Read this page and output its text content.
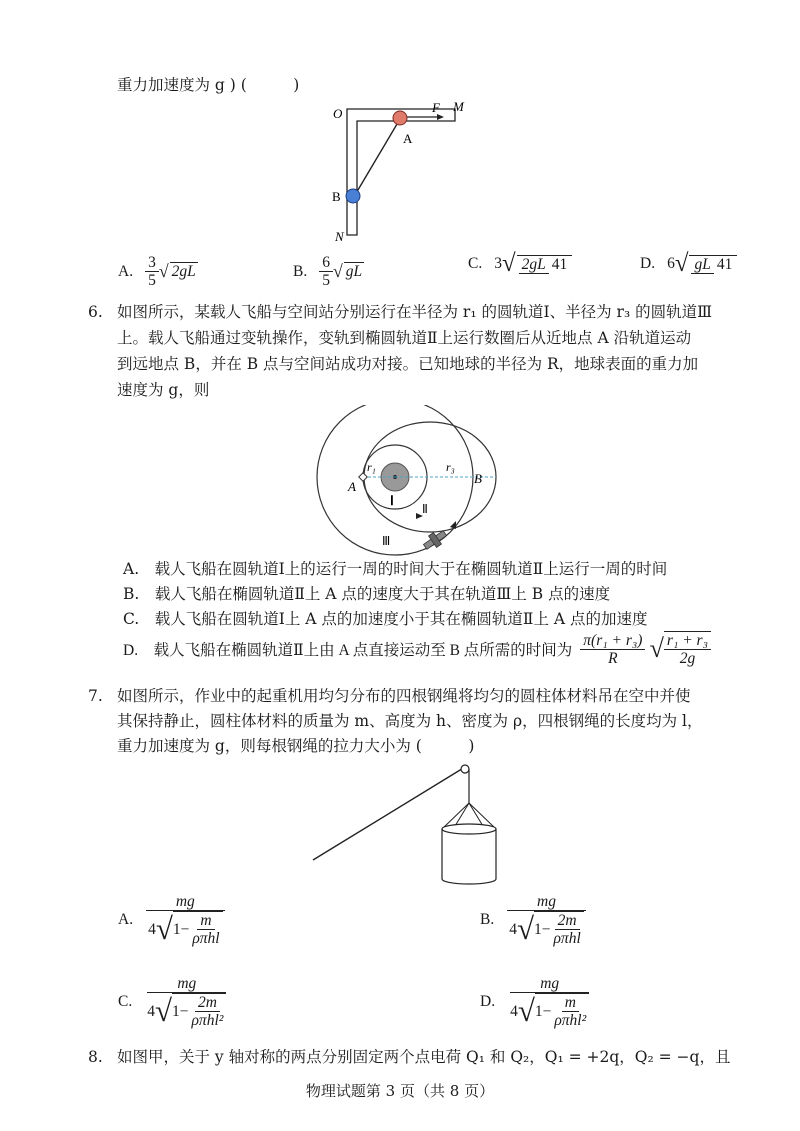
重力加速度为 g ) (　　　)
O	F M
A
B
N
A. $\frac{3}{5}$ √ 2gL	B. $\frac{6}{5}$ √ gL	C. 3 √ 2gL 41	D. 6 √ gL 41
6. 如图所示，某载人飞船与空间站分别运行在半径为 r₁ 的圆轨道Ⅰ、半径为 r₃ 的圆轨道Ⅲ
上。载人飞船通过变轨操作，变轨到椭圆轨道Ⅱ上运行数圈后从近地点 A 沿轨道运动
到远地点 B，并在 B 点与空间站成功对接。已知地球的半径为 R，地球表面的重力加
速度为 g，则
r₁	r₃
A
B
Ⅰ
Ⅱ
Ⅲ
A.　载人飞船在圆轨道Ⅰ上的运行一周的时间大于在椭圆轨道Ⅱ上运行一周的时间
B.　载人飞船在椭圆轨道Ⅱ上 A 点的速度大于其在轨道Ⅲ上 B 点的速度
C.　载人飞船在圆轨道Ⅰ上 A 点的加速度小于其在椭圆轨道Ⅱ上 A 点的加速度
D.　载人飞船在椭圆轨道Ⅱ上由 A 点直接运动至 B 点所需的时间为 $\frac{\text{π(r₁ + r₃)}}{R}$ √ $\frac{\text{r₁ + r₃}}{2g}$
7. 如图所示，作业中的起重机用均匀分布的四根钢绳将均匀的圆柱体材料吊在空中并使
其保持静止，圆柱体材料的质量为 m、高度为 h、密度为 ρ，四根钢绳的长度均为 l，
重力加速度为 g，则每根钢绳的拉力大小为 (　　　)
A. $\frac{mg}{4 √ 1- \frac{m}{\text{ρπhl}}}$	B. $\frac{mg}{4 √ 1- \frac{2m}{\text{ρπhl}}}$
C. $\frac{mg}{4 √ 1- \frac{2m}{\text{ρπhl²}}}$	D. $\frac{mg}{4 √ 1- \frac{m}{\text{ρπhl²}}}$
8. 如图甲，关于 y 轴对称的两点分别固定两个点电荷 Q₁ 和 Q₂，Q₁ = +2q，Q₂ = −q，且
物理试题第 3 页（共 8 页）
